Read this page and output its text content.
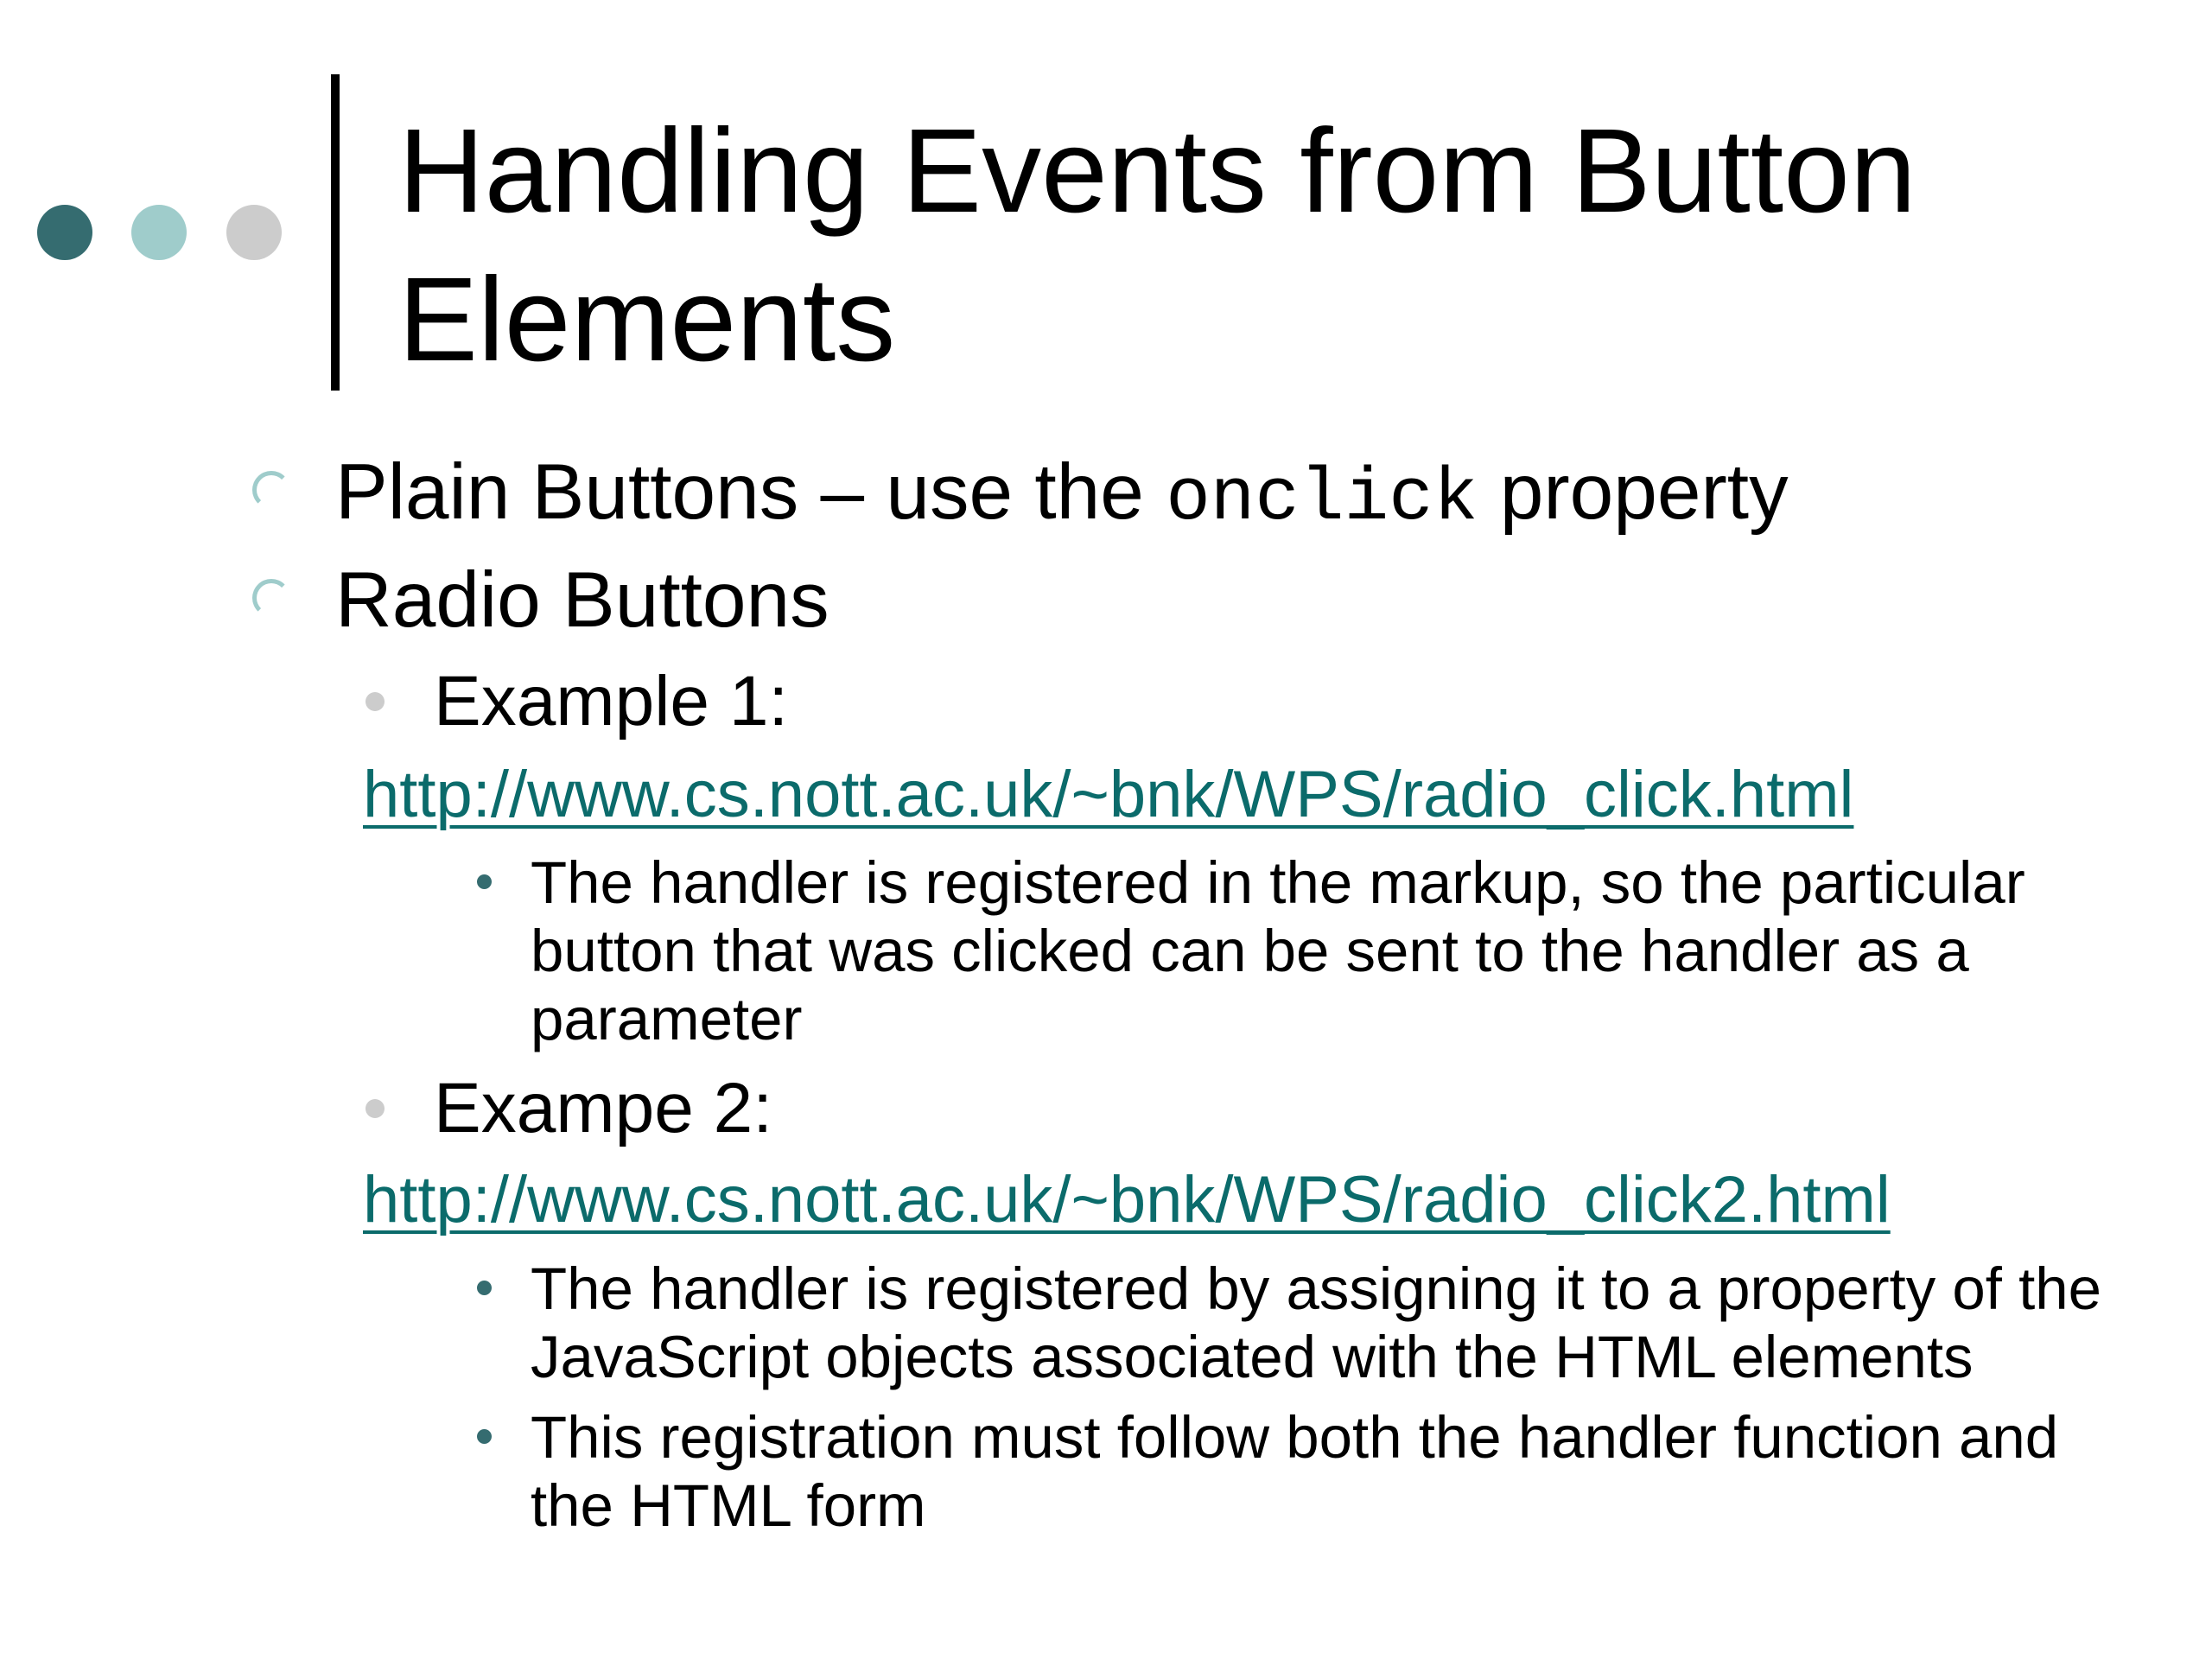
Handling Events from Button
Elements
Plain Buttons – use the onclick property
Radio Buttons
Example 1:
http://www.cs.nott.ac.uk/~bnk/WPS/radio_click.html
The handler is registered in the markup, so the particular
button that was clicked can be sent to the handler as a
parameter
Exampe 2:
http://www.cs.nott.ac.uk/~bnk/WPS/radio_click2.html
The handler is registered by assigning it to a property of the
JavaScript objects associated with the HTML elements
This registration must follow both the handler function and
the HTML form
